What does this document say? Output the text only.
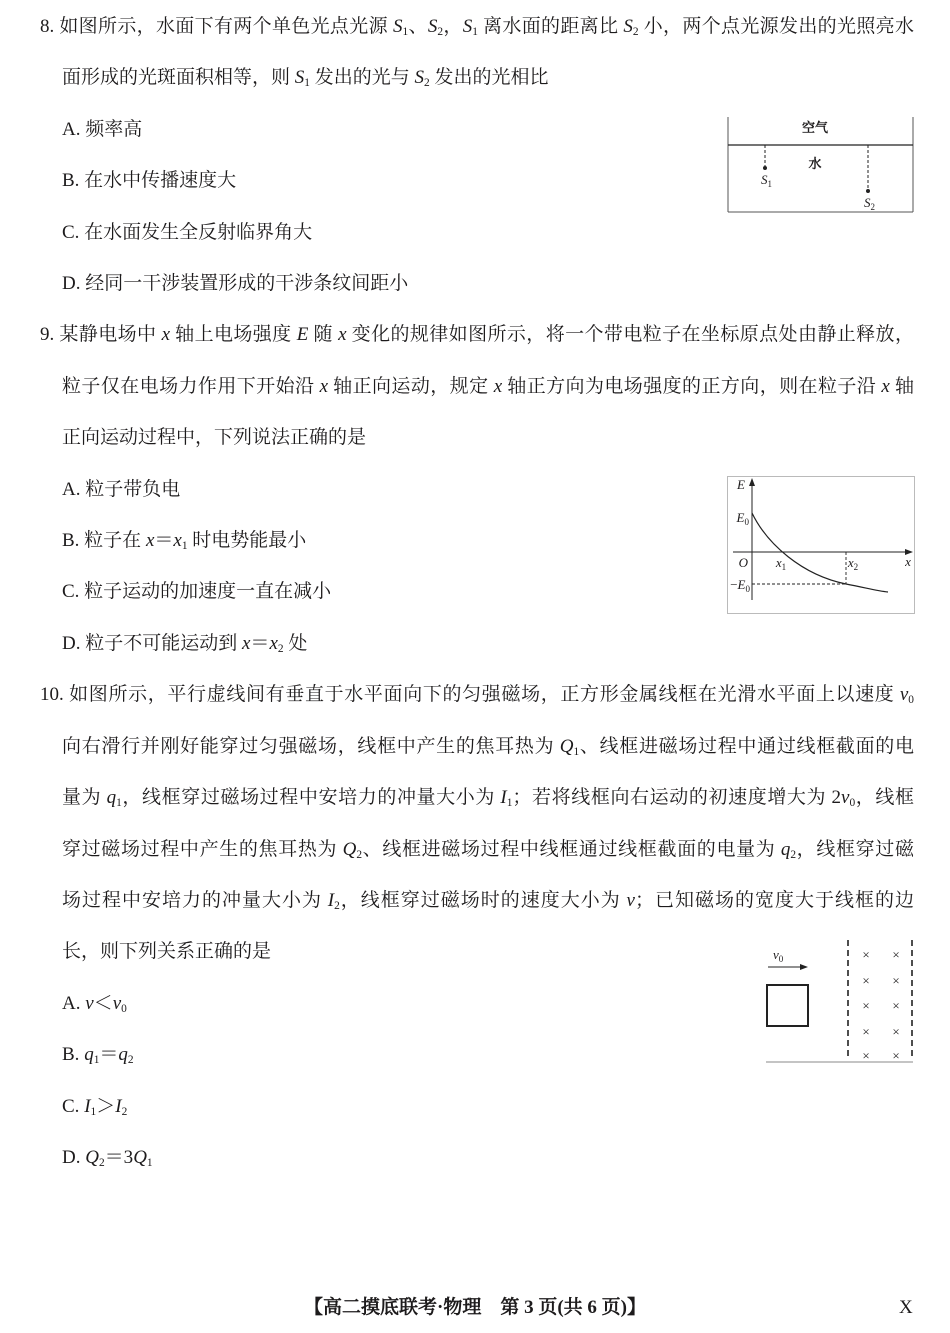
8. 如图所示，水面下有两个单色光点光源 $S_1$、$S_2$，$S_1$ 离水面的距离比 $S_2$ 小，两个点光源发出的光照亮水
面形成的光斑面积相等，则 $S_1$ 发出的光与 $S_2$ 发出的光相比
A. 频率高
B. 在水中传播速度大
C. 在水面发生全反射临界角大
D. 经同一干涉装置形成的干涉条纹间距小
9. 某静电场中 x 轴上电场强度 E 随 x 变化的规律如图所示，将一个带电粒子在坐标原点处由静止释放，
粒子仅在电场力作用下开始沿 x 轴正向运动，规定 x 轴正方向为电场强度的正方向，则在粒子沿 x 轴
正向运动过程中，下列说法正确的是
A. 粒子带负电
B. 粒子在 $x=x_1$ 时电势能最小
C. 粒子运动的加速度一直在减小
D. 粒子不可能运动到 $x=x_2$ 处
10. 如图所示，平行虚线间有垂直于水平面向下的匀强磁场，正方形金属线框在光滑水平面上以速度 $v_0$
向右滑行并刚好能穿过匀强磁场，线框中产生的焦耳热为 $Q_1$、线框进磁场过程中通过线框截面的电
量为 $q_1$，线框穿过磁场过程中安培力的冲量大小为 $I_1$；若将线框向右运动的初速度增大为 $2v_0$，线框
穿过磁场过程中产生的焦耳热为 $Q_2$、线框进磁场过程中线框通过线框截面的电量为 $q_2$，线框穿过磁
场过程中安培力的冲量大小为 $I_2$，线框穿过磁场时的速度大小为 v；已知磁场的宽度大于线框的边
长，则下列关系正确的是
A. $v<v_0$
B. $q_1=q_2$
C. $I_1>I_2$
D. $Q_2=3Q_1$
空气
水
$S_1$
$S_2$
E
$E_0$
O $x_1$	$x_2$	x
$-E_0$
$v_0$	× ×
× ×
× ×
× ×
× ×
【高二摸底联考·物理　第 3 页(共 6 页)】	X
